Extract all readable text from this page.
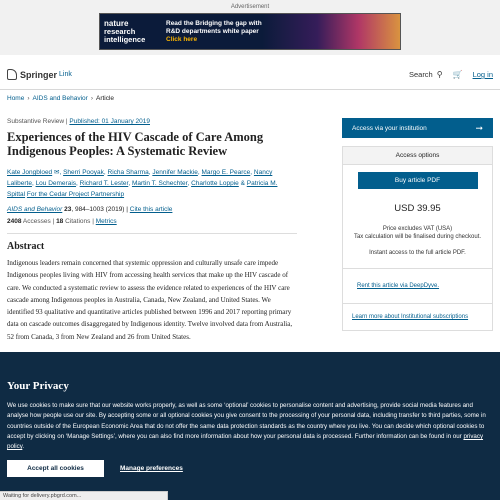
Advertisement
nature
research
intelligence
Read the Bridging the gap with
R&D departments white paper
Click here
Springer Link	Search ⚲ 🛒 Log in
Home › AIDS and Behavior › Article
Substantive Review | Published: 01 January 2019
Experiences of the HIV Cascade of Care Among Indigenous Peoples: A Systematic Review
Kate Jongbloed ✉, Sherri Pooyak, Richa Sharma, Jennifer Mackie, Margo E. Pearce, Nancy Laliberte, Lou Demerais, Richard T. Lester, Martin T. Schechter, Charlotte Loppie & Patricia M. Spittal For the Cedar Project Partnership
AIDS and Behavior 23, 984–1003 (2019) | Cite this article
2408 Accesses | 18 Citations | Metrics
Abstract

Indigenous leaders remain concerned that systemic oppression and culturally unsafe care impede Indigenous peoples living with HIV from accessing health services that make up the HIV cascade of care. We conducted a systematic review to assess the evidence related to experiences of the HIV care cascade among Indigenous peoples in Australia, Canada, New Zealand, and United States. We identified 93 qualitative and quantitative articles published between 1996 and 2017 reporting primary data on cascade outcomes disaggregated by Indigenous identity. Twelve involved data from Australia, 52 from Canada, 3 from New Zealand and 26 from United States.

Access via your institution	➞
Access options
Buy article PDF
USD 39.95
Price excludes VAT (USA)
Tax calculation will be finalised during checkout.
Instant access to the full article PDF.
Rent this article via DeepDyve.
Learn more about Institutional subscriptions
Your Privacy

We use cookies to make sure that our website works properly, as well as some ‘optional’ cookies to personalise content and advertising, provide social media features and analyse how people use our site. By accepting some or all optional cookies you give consent to the processing of your personal data, including transfer to third parties, some in countries outside of the European Economic Area that do not offer the same data protection standards as the country where you live. You can decide which optional cookies to accept by clicking on ‘Manage Settings’, where you can also find more information about how your personal data is processed. Further information can be found in our privacy policy.

Accept all cookies	Manage preferences
Waiting for delivery.pbgrd.com...
